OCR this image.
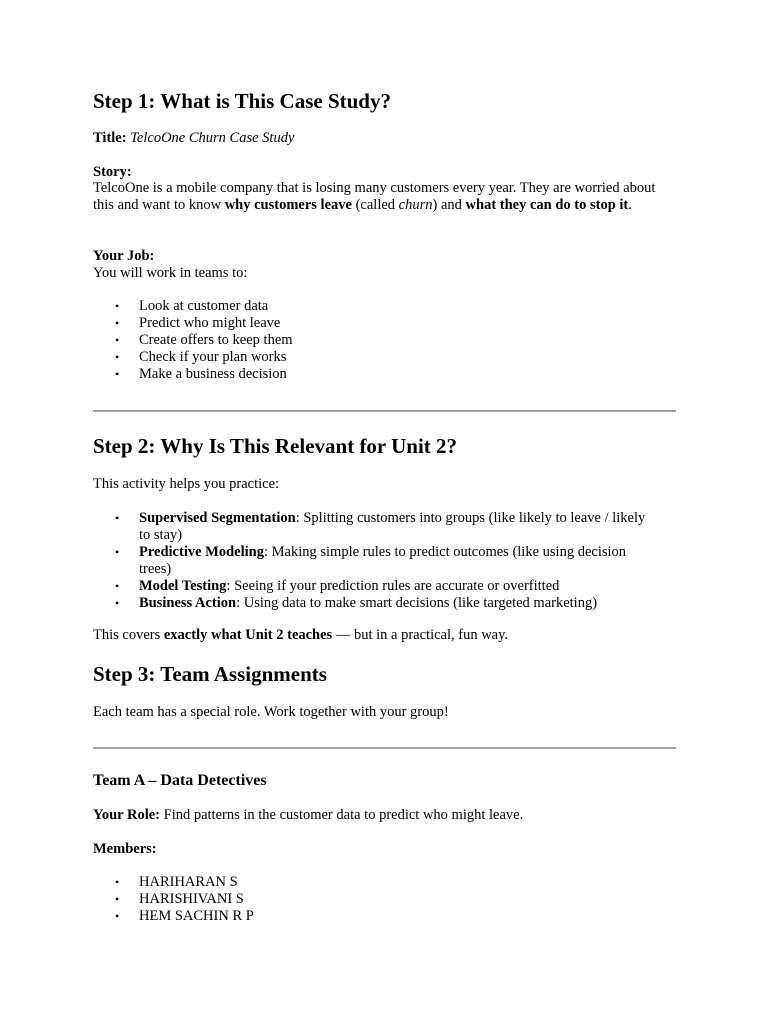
Step 1: What is This Case Study?

Title: TelcoOne Churn Case Study

Story:

TelcoOne is a mobile company that is losing many customers every year. They are worried about this and want to know why customers leave (called churn) and what they can do to stop it.

Your Job:

You will work in teams to:

• Look at customer data
• Predict who might leave
• Create offers to keep them
• Check if your plan works
• Make a business decision
Step 2: Why Is This Relevant for Unit 2?

This activity helps you practice:

• Supervised Segmentation: Splitting customers into groups (like likely to leave / likely to stay)
• Predictive Modeling: Making simple rules to predict outcomes (like using decision trees)
• Model Testing: Seeing if your prediction rules are accurate or overfitted
• Business Action: Using data to make smart decisions (like targeted marketing)

This covers exactly what Unit 2 teaches — but in a practical, fun way.

Step 3: Team Assignments

Each team has a special role. Work together with your group!

Team A – Data Detectives

Your Role: Find patterns in the customer data to predict who might leave.

Members:

• HARIHARAN S
• HARISHIVANI S
• HEM SACHIN R P
